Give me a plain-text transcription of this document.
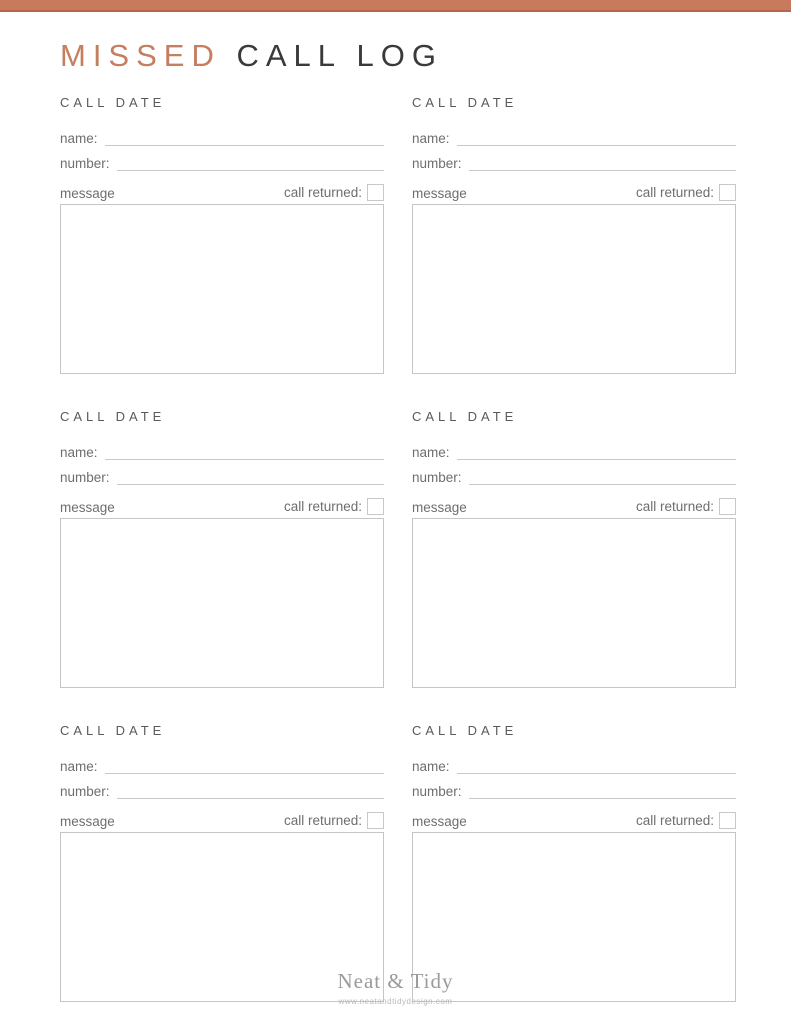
MISSED CALL LOG
CALL DATE
name:
number:
message	call returned:
CALL DATE
name:
number:
message	call returned:
CALL DATE
name:
number:
message	call returned:
CALL DATE
name:
number:
message	call returned:
CALL DATE
name:
number:
message	call returned:
CALL DATE
name:
number:
message	call returned:
Neat & Tidy
www.neatandtidydesign.com
